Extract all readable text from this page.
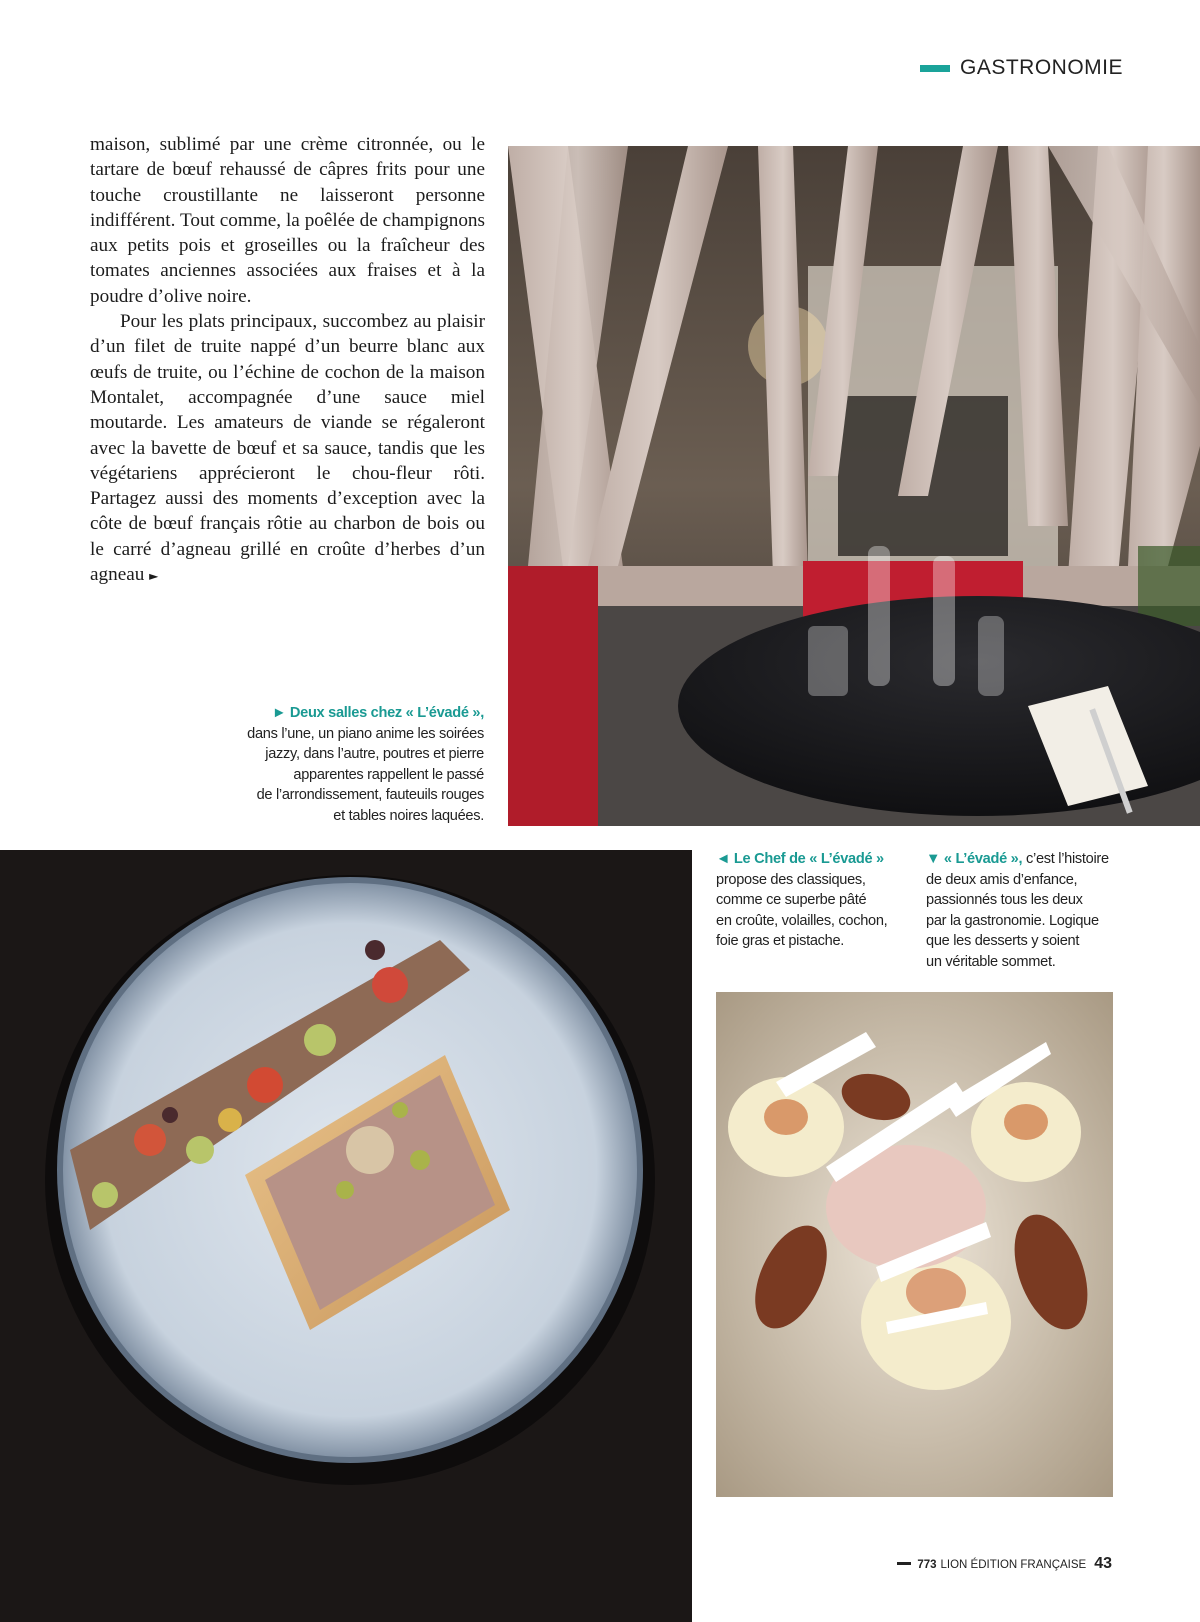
GASTRONOMIE

maison, sublimé par une crème citronnée, ou le tartare de bœuf rehaussé de câpres frits pour une touche croustillante ne laisseront personne indifférent. Tout comme, la poêlée de champignons aux petits pois et groseilles ou la fraîcheur des tomates anciennes associées aux fraises et à la poudre d’olive noire.

Pour les plats principaux, succombez au plaisir d’un filet de truite nappé d’un beurre blanc aux œufs de truite, ou l’échine de cochon de la maison Montalet, accompagnée d’une sauce miel moutarde. Les amateurs de viande se régaleront avec la bavette de bœuf et sa sauce, tandis que les végétariens apprécieront le chou-fleur rôti. Partagez aussi des moments d’exception avec la côte de bœuf français rôtie au charbon de bois ou le carré d’agneau grillé en croûte d’herbes d’un agneau ►

► Deux salles chez « L’évadé »,
dans l’une, un piano anime les soirées
jazzy, dans l’autre, poutres et pierre
apparentes rappellent le passé
de l’arrondissement, fauteuils rouges
et tables noires laquées.
◄ Le Chef de « L’évadé »
propose des classiques,
comme ce superbe pâté
en croûte, volailles, cochon,
foie gras et pistache.
▼ « L’évadé », c’est l’histoire
de deux amis d’enfance,
passionnés tous les deux
par la gastronomie. Logique
que les desserts y soient
un véritable sommet.
773 LION ÉDITION FRANÇAISE 43
